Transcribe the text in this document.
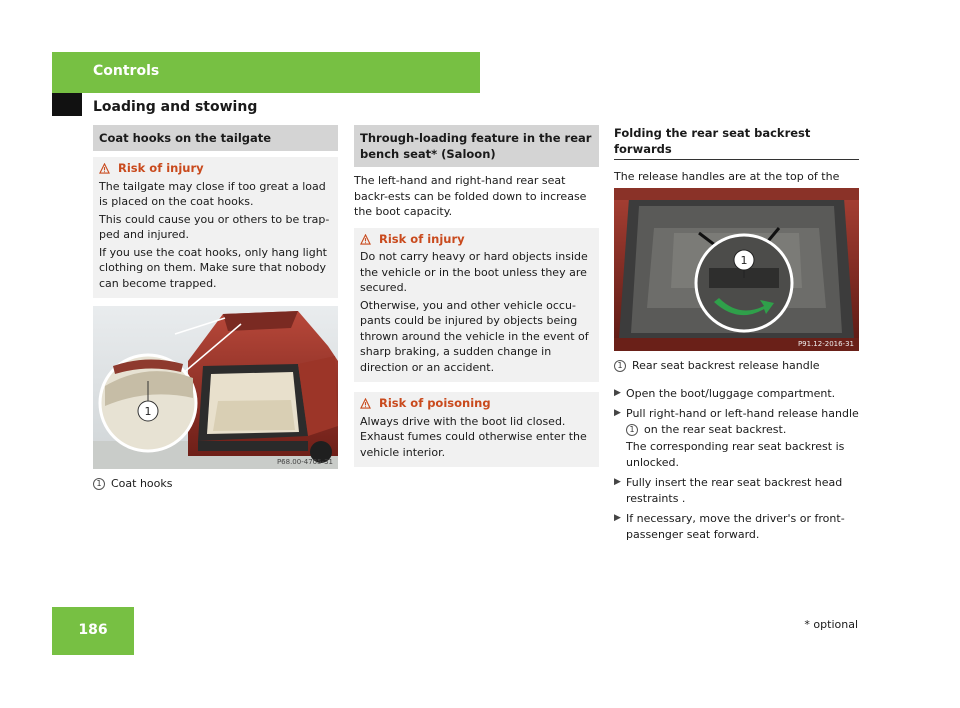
Controls
Loading and stowing
Coat hooks on the tailgate
Risk of injury

The tailgate may close if too great a load is placed on the coat hooks.

This could cause you or others to be trap-ped and injured.

If you use the coat hooks, only hang light clothing on them. Make sure that nobody can become trapped.

1
P68.00-4705-31
1 Coat hooks
Through-loading feature in the rear bench seat* (Saloon)
The left-hand and right-hand rear seat backr-ests can be folded down to increase the boot capacity.
Risk of injury

Do not carry heavy or hard objects inside the vehicle or in the boot unless they are secured.

Otherwise, you and other vehicle occu-pants could be injured by objects being thrown around the vehicle in the event of sharp braking, a sudden change in direction or an accident.

Risk of poisoning

Always drive with the boot lid closed. Exhaust fumes could otherwise enter the vehicle interior.

Folding the rear seat backrest forwards
The release handles are at the top of the
1
P91.12-2016-31
1 Rear seat backrest release handle
▶ Open the boot/luggage compartment.
▶ Pull right-hand or left-hand release handle
1 on the rear seat backrest.
The corresponding rear seat backrest is unlocked.
▶ Fully insert the rear seat backrest head restraints .
▶ If necessary, move the driver's or front-passenger seat forward.
186	* optional
